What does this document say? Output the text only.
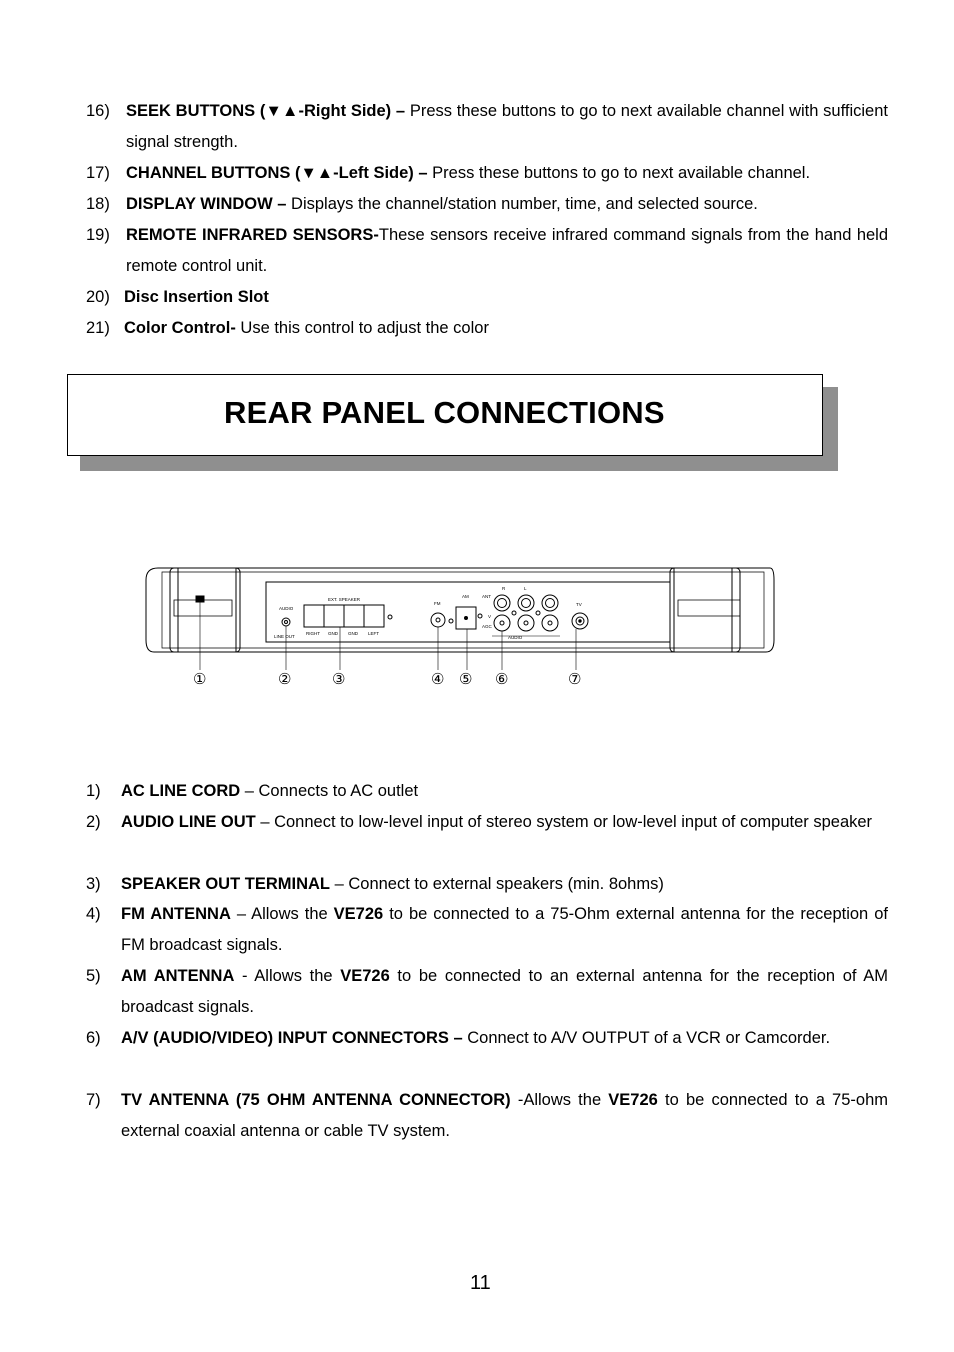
16) SEEK BUTTONS (▼▲-Right Side) – Press these buttons to go to next available channel with sufficient signal strength.
17) CHANNEL BUTTONS (▼▲-Left Side) – Press these buttons to go to next available channel.
18) DISPLAY WINDOW – Displays the channel/station number, time, and selected source.
19) REMOTE INFRARED SENSORS-These sensors receive infrared command signals from the hand held remote control unit.
20) Disc Insertion Slot
21) Color Control- Use this control to adjust the color
REAR PANEL CONNECTIONS
AUDIO
LINE OUT
EXT. SPEAKER
RIGHT GND GND LEFT
FM
AM	ANT
AGC
R	L
V
AUDIO
TV
①	②	③	④ ⑤ ⑥	⑦
1) AC LINE CORD – Connects to AC outlet
2) AUDIO LINE OUT – Connect to low-level input of stereo system or low-level input of computer speaker
3) SPEAKER OUT TERMINAL – Connect to external speakers (min. 8ohms)
4) FM ANTENNA – Allows the VE726 to be connected to a 75-Ohm external antenna for the reception of FM broadcast signals.
5) AM ANTENNA - Allows the VE726 to be connected to an external antenna for the reception of AM broadcast signals.
6) A/V (AUDIO/VIDEO) INPUT CONNECTORS – Connect to A/V OUTPUT of a VCR or Camcorder.
7) TV ANTENNA (75 OHM ANTENNA CONNECTOR) -Allows the VE726 to be connected to a 75-ohm external coaxial antenna or cable TV system.
11
